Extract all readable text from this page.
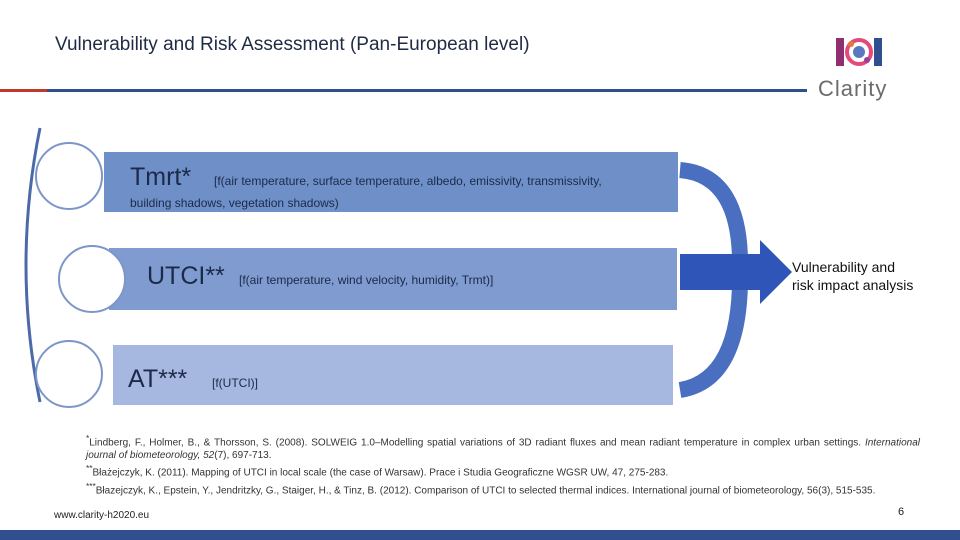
Vulnerability and Risk Assessment (Pan-European level)
Clarity
Tmrt* [f(air temperature, surface temperature, albedo, emissivity, transmissivity,
building shadows, vegetation shadows)
UTCI** [f(air temperature, wind velocity, humidity, Trmt)]
AT*** [f(UTCI)]
Vulnerability and
risk impact analysis

*Lindberg, F., Holmer, B., & Thorsson, S. (2008). SOLWEIG 1.0–Modelling spatial variations of 3D radiant fluxes and mean radiant temperature in complex urban settings. International journal of biometeorology, 52(7), 697-713.

**Błażejczyk, K. (2011). Mapping of UTCI in local scale (the case of Warsaw). Prace i Studia Geograficzne WGSR UW, 47, 275-283.

***Błazejczyk, K., Epstein, Y., Jendritzky, G., Staiger, H., & Tinz, B. (2012). Comparison of UTCI to selected thermal indices. International journal of biometeorology, 56(3), 515-535.

www.clarity-h2020.eu	6
